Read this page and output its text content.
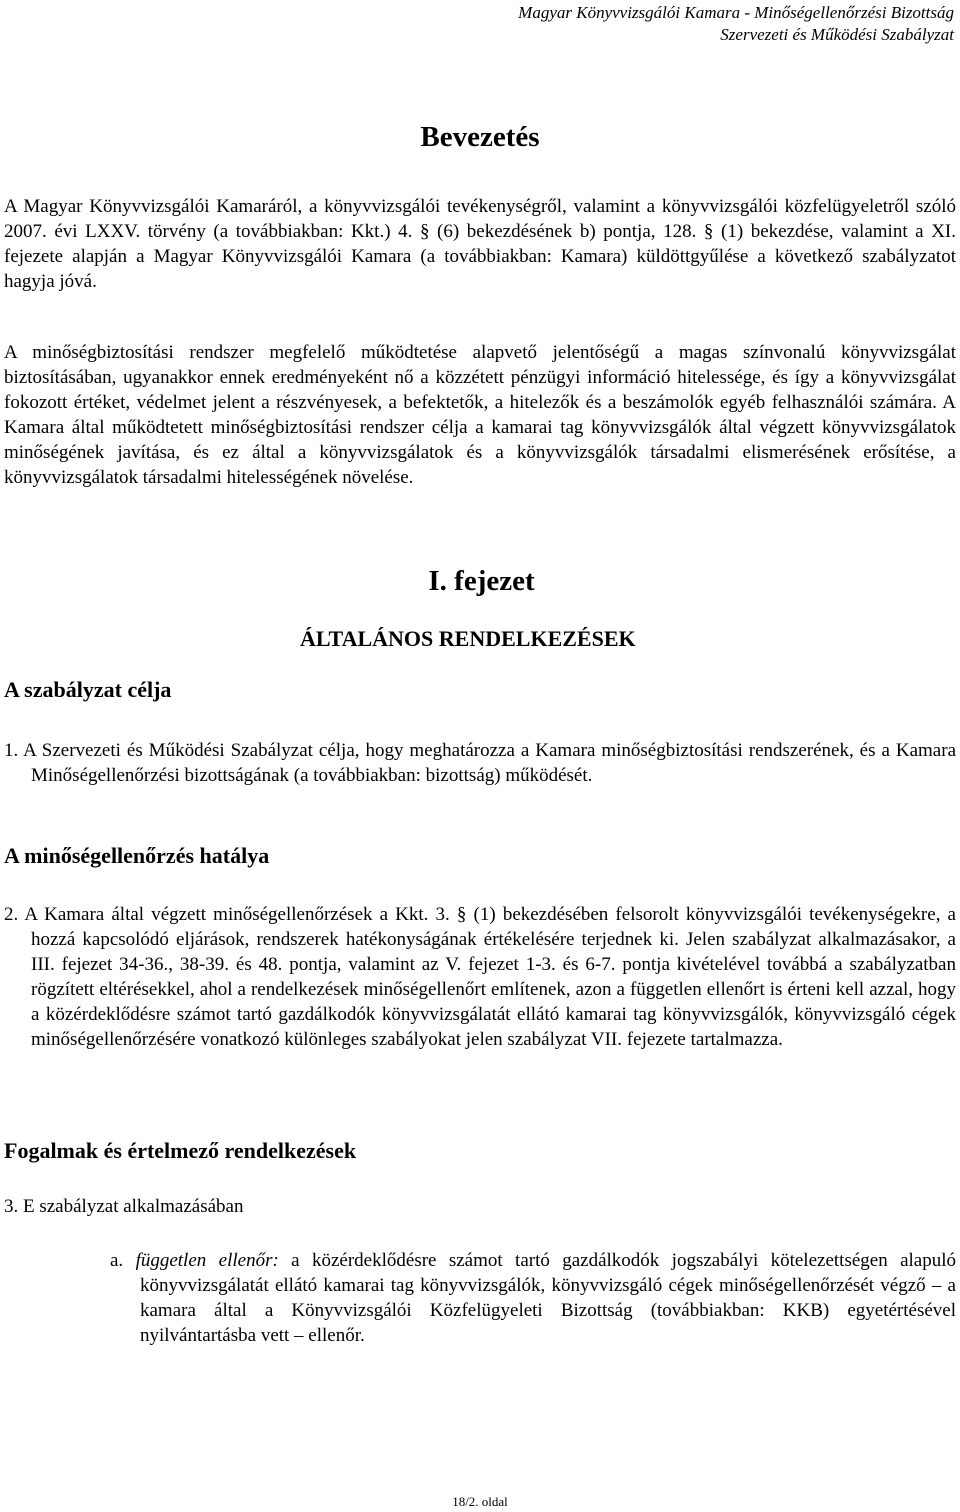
Magyar Könyvvizsgálói Kamara - Minőségellenőrzési Bizottság
Szervezeti és Működési Szabályzat
Bevezetés

A Magyar Könyvvizsgálói Kamaráról, a könyvvizsgálói tevékenységről, valamint a könyvvizsgálói közfelügyeletről szóló 2007. évi LXXV. törvény (a továbbiakban: Kkt.) 4. § (6) bekezdésének b) pontja, 128. § (1) bekezdése, valamint a XI. fejezete alapján a Magyar Könyvvizsgálói Kamara (a továbbiakban: Kamara) küldöttgyűlése a következő szabályzatot hagyja jóvá.

A minőségbiztosítási rendszer megfelelő működtetése alapvető jelentőségű a magas színvonalú könyvvizsgálat biztosításában, ugyanakkor ennek eredményeként nő a közzétett pénzügyi információ hitelessége, és így a könyvvizsgálat fokozott értéket, védelmet jelent a részvényesek, a befektetők, a hitelezők és a beszámolók egyéb felhasználói számára. A Kamara által működtetett minőségbiztosítási rendszer célja a kamarai tag könyvvizsgálók által végzett könyvvizsgálatok minőségének javítása, és ez által a könyvvizsgálatok és a könyvvizsgálók társadalmi elismerésének erősítése, a könyvvizsgálatok társadalmi hitelességének növelése.

I. fejezet
ÁLTALÁNOS RENDELKEZÉSEK
A szabályzat célja

1. A Szervezeti és Működési Szabályzat célja, hogy meghatározza a Kamara minőségbiztosítási rendszerének, és a Kamara Minőségellenőrzési bizottságának (a továbbiakban: bizottság) működését.

A minőségellenőrzés hatálya

2. A Kamara által végzett minőségellenőrzések a Kkt. 3. § (1) bekezdésében felsorolt könyvvizsgálói tevékenységekre, a hozzá kapcsolódó eljárások, rendszerek hatékonyságának értékelésére terjednek ki. Jelen szabályzat alkalmazásakor, a III. fejezet 34-36., 38-39. és 48. pontja, valamint az V. fejezet 1-3. és 6-7. pontja kivételével továbbá a szabályzatban rögzített eltérésekkel, ahol a rendelkezések minőségellenőrt említenek, azon a független ellenőrt is érteni kell azzal, hogy a közérdeklődésre számot tartó gazdálkodók könyvvizsgálatát ellátó kamarai tag könyvvizsgálók, könyvvizsgáló cégek minőségellenőrzésére vonatkozó különleges szabályokat jelen szabályzat VII. fejezete tartalmazza.

Fogalmak és értelmező rendelkezések

3. E szabályzat alkalmazásában

a. független ellenőr: a közérdeklődésre számot tartó gazdálkodók jogszabályi kötelezettségen alapuló könyvvizsgálatát ellátó kamarai tag könyvvizsgálók, könyvvizsgáló cégek minőségellenőrzését végző – a kamara által a Könyvvizsgálói Közfelügyeleti Bizottság (továbbiakban: KKB) egyetértésével nyilvántartásba vett – ellenőr.

18/2. oldal
